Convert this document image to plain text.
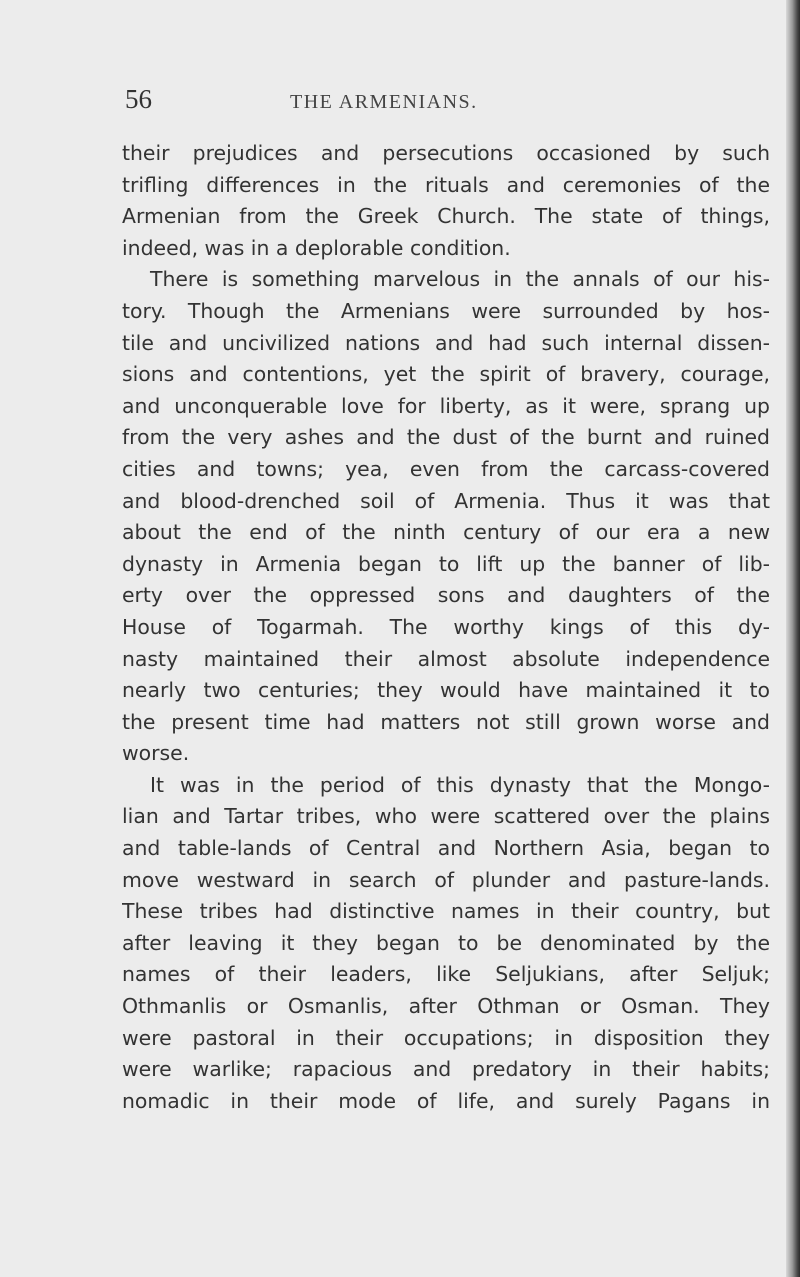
56	THE ARMENIANS.
their prejudices and persecutions occasioned by such
trifling differences in the rituals and ceremonies of the
Armenian from the Greek Church. The state of things,
indeed, was in a deplorable condition.
There is something marvelous in the annals of our his-
tory. Though the Armenians were surrounded by hos-
tile and uncivilized nations and had such internal dissen-
sions and contentions, yet the spirit of bravery, courage,
and unconquerable love for liberty, as it were, sprang up
from the very ashes and the dust of the burnt and ruined
cities and towns; yea, even from the carcass-covered
and blood-drenched soil of Armenia. Thus it was that
about the end of the ninth century of our era a new
dynasty in Armenia began to lift up the banner of lib-
erty over the oppressed sons and daughters of the
House of Togarmah. The worthy kings of this dy-
nasty maintained their almost absolute independence
nearly two centuries; they would have maintained it to
the present time had matters not still grown worse and
worse.
It was in the period of this dynasty that the Mongo-
lian and Tartar tribes, who were scattered over the plains
and table-lands of Central and Northern Asia, began to
move westward in search of plunder and pasture-lands.
These tribes had distinctive names in their country, but
after leaving it they began to be denominated by the
names of their leaders, like Seljukians, after Seljuk;
Othmanlis or Osmanlis, after Othman or Osman. They
were pastoral in their occupations; in disposition they
were warlike; rapacious and predatory in their habits;
nomadic in their mode of life, and surely Pagans in
